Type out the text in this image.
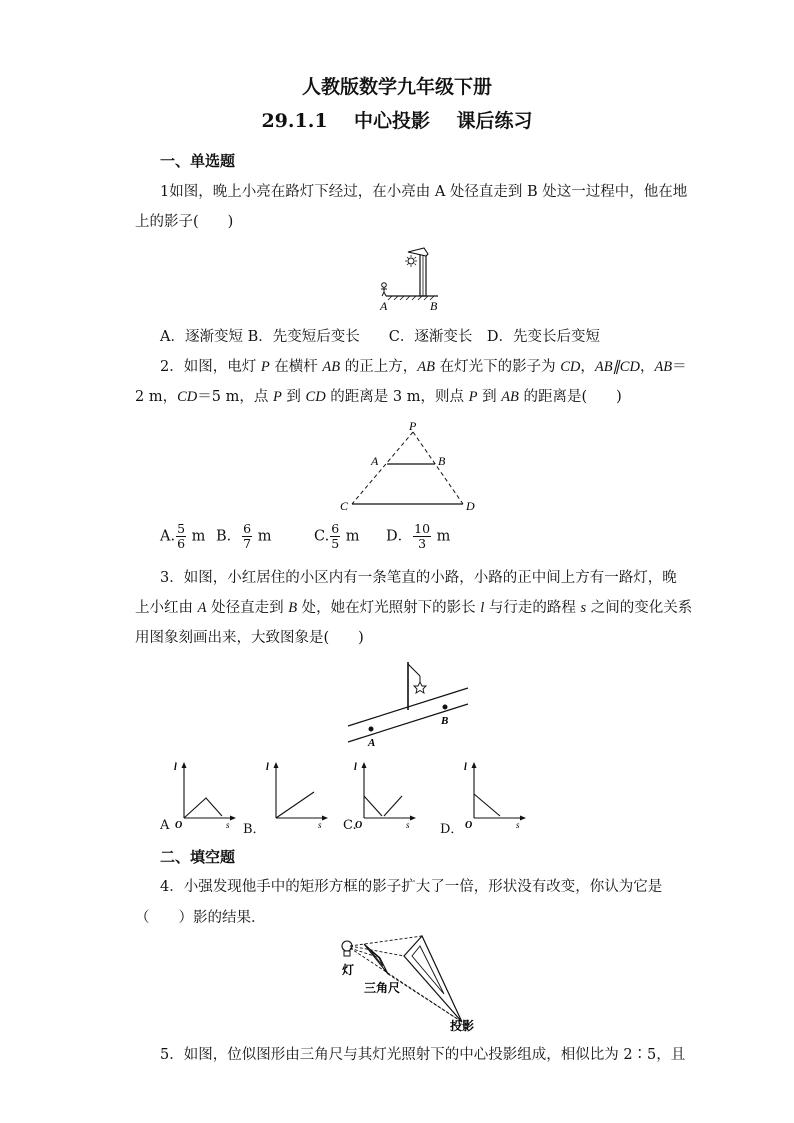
人教版数学九年级下册
29.1.1 中心投影 课后练习
一、单选题
1如图，晚上小亮在路灯下经过，在小亮由 A 处径直走到 B 处这一过程中，他在地
上的影子(　　)
A	B
A．逐渐变短 B．先变短后变长　　C．逐渐变长　D．先变长后变短
2．如图，电灯 P 在横杆 AB 的正上方，AB 在灯光下的影子为 CD，AB∥CD，AB＝
2 m，CD＝5 m，点 P 到 CD 的距离是 3 m，则点 P 到 AB 的距离是(　　)
P
A	B
C	D
A. $\frac{5}{6}$ m B． $\frac{6}{7}$ m	C. $\frac{6}{5}$ m D． $\frac{10}{3}$ m
3．如图，小红居住的小区内有一条笔直的小路，小路的正中间上方有一路灯，晚
上小红由 A 处径直走到 B 处，她在灯光照射下的影长 l 与行走的路程 s 之间的变化关系
用图象刻画出来，大致图象是(　　)
A
B
A
l
O	s B．
l
s C.
l
O	s D．
l
O	s
二、填空题
4．小强发现他手中的矩形方框的影子扩大了一倍，形状没有改变，你认为它是
（　　）影的结果．
灯
三角尺
投影
5．如图，位似图形由三角尺与其灯光照射下的中心投影组成，相似比为 2∶5，且
